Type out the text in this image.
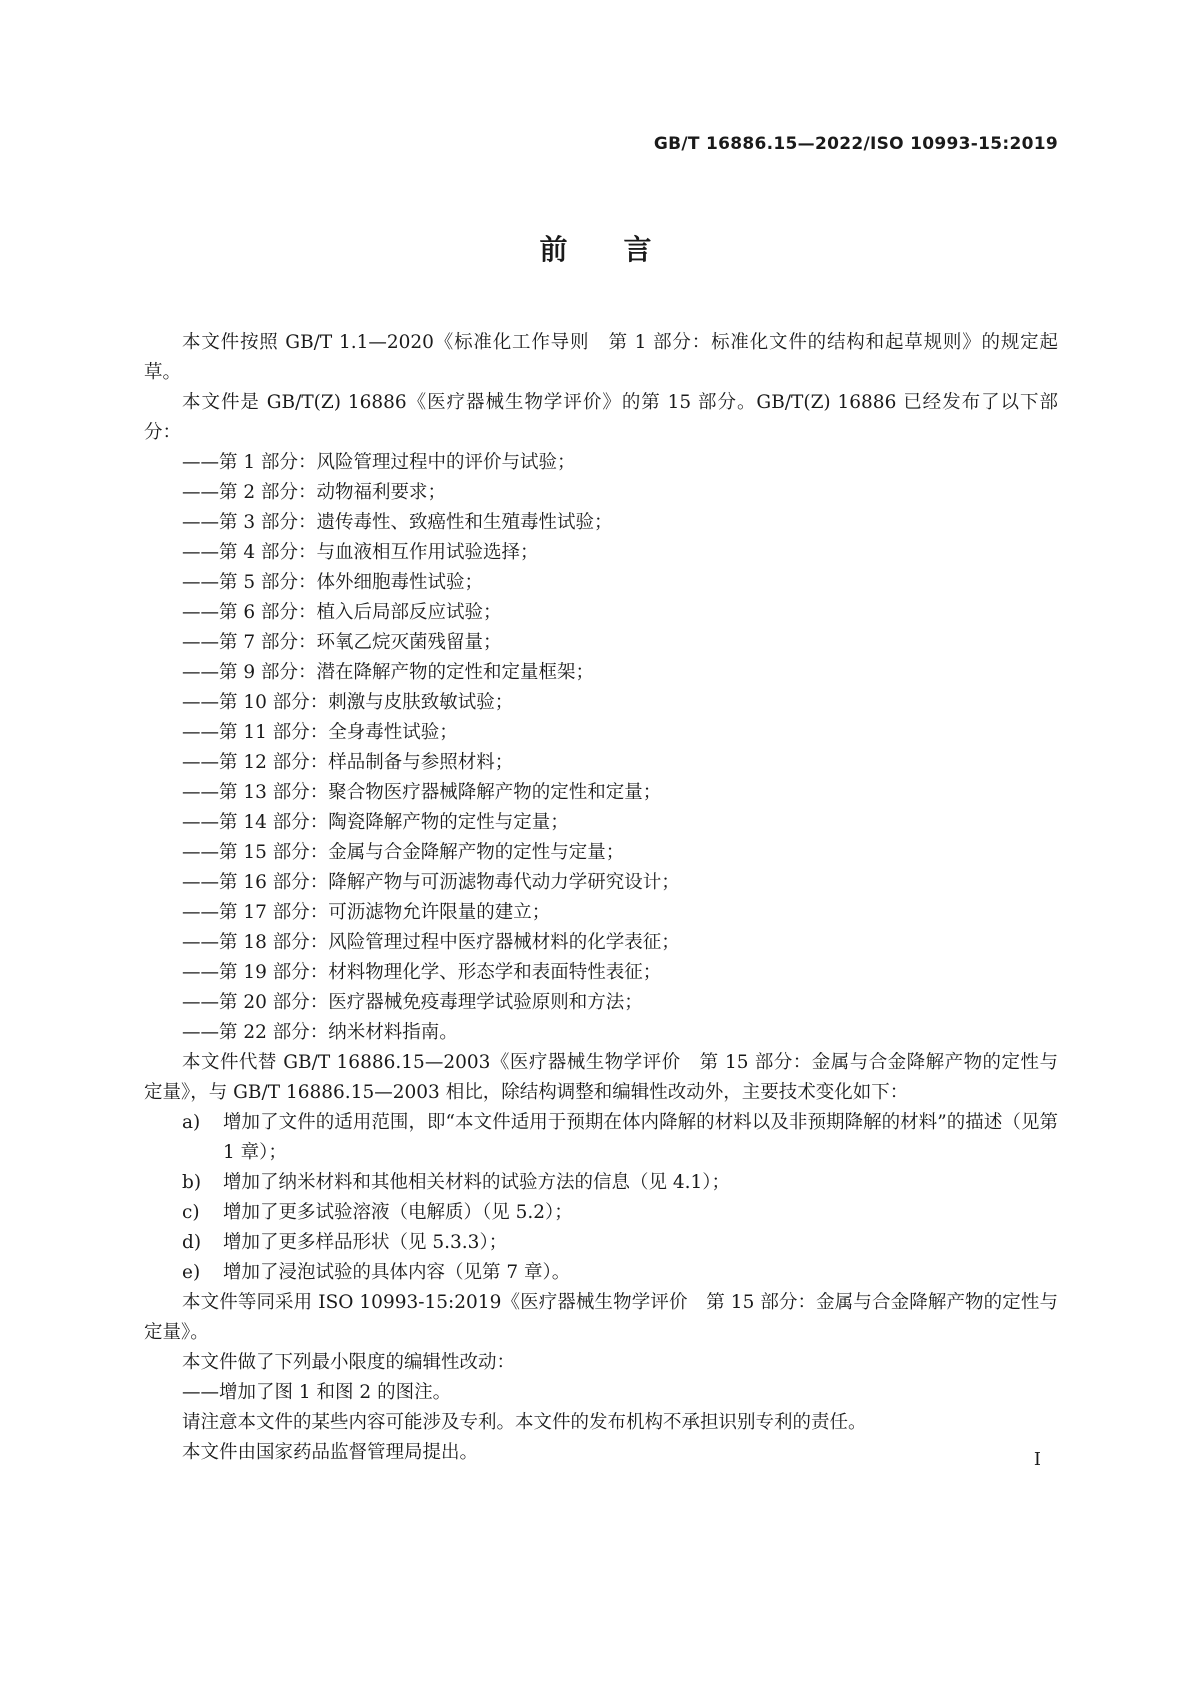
GB/T 16886.15—2022/ISO 10993-15:2019
前言

本文件按照 GB/T 1.1—2020《标准化工作导则　第 1 部分：标准化文件的结构和起草规则》的规定起草。

本文件是 GB/T(Z) 16886《医疗器械生物学评价》的第 15 部分。GB/T(Z) 16886 已经发布了以下部分：

——第 1 部分：风险管理过程中的评价与试验；

——第 2 部分：动物福利要求；

——第 3 部分：遗传毒性、致癌性和生殖毒性试验；

——第 4 部分：与血液相互作用试验选择；

——第 5 部分：体外细胞毒性试验；

——第 6 部分：植入后局部反应试验；

——第 7 部分：环氧乙烷灭菌残留量；

——第 9 部分：潜在降解产物的定性和定量框架；

——第 10 部分：刺激与皮肤致敏试验；

——第 11 部分：全身毒性试验；

——第 12 部分：样品制备与参照材料；

——第 13 部分：聚合物医疗器械降解产物的定性和定量；

——第 14 部分：陶瓷降解产物的定性与定量；

——第 15 部分：金属与合金降解产物的定性与定量；

——第 16 部分：降解产物与可沥滤物毒代动力学研究设计；

——第 17 部分：可沥滤物允许限量的建立；

——第 18 部分：风险管理过程中医疗器械材料的化学表征；

——第 19 部分：材料物理化学、形态学和表面特性表征；

——第 20 部分：医疗器械免疫毒理学试验原则和方法；

——第 22 部分：纳米材料指南。

本文件代替 GB/T 16886.15—2003《医疗器械生物学评价　第 15 部分：金属与合金降解产物的定性与定量》，与 GB/T 16886.15—2003 相比，除结构调整和编辑性改动外，主要技术变化如下：

a)	增加了文件的适用范围，即“本文件适用于预期在体内降解的材料以及非预期降解的材料”的描述（见第 1 章）；
b)	增加了纳米材料和其他相关材料的试验方法的信息（见 4.1）；
c)	增加了更多试验溶液（电解质）（见 5.2）；
d)	增加了更多样品形状（见 5.3.3）；
e)	增加了浸泡试验的具体内容（见第 7 章）。

本文件等同采用 ISO 10993-15:2019《医疗器械生物学评价　第 15 部分：金属与合金降解产物的定性与定量》。

本文件做了下列最小限度的编辑性改动：

——增加了图 1 和图 2 的图注。

请注意本文件的某些内容可能涉及专利。本文件的发布机构不承担识别专利的责任。

本文件由国家药品监督管理局提出。	I
